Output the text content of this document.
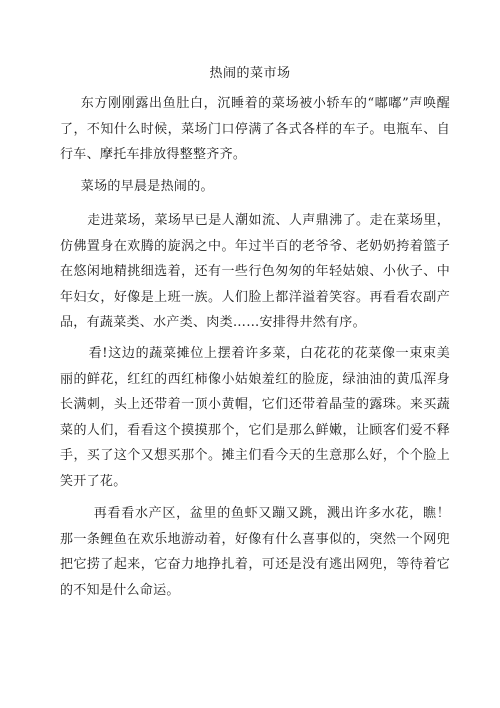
热闹的菜市场

东方刚刚露出鱼肚白，沉睡着的菜场被小轿车的“嘟嘟”声唤醒了，不知什么时候，菜场门口停满了各式各样的车子。电瓶车、自行车、摩托车排放得整整齐齐。

菜场的早晨是热闹的。

走进菜场，菜场早已是人潮如流、人声鼎沸了。走在菜场里，仿佛置身在欢腾的旋涡之中。年过半百的老爷爷、老奶奶挎着篮子在悠闲地精挑细选着，还有一些行色匆匆的年轻姑娘、小伙子、中年妇女，好像是上班一族。人们脸上都洋溢着笑容。再看看农副产品，有蔬菜类、水产类、肉类……安排得井然有序。

看!这边的蔬菜摊位上摆着许多菜，白花花的花菜像一束束美丽的鲜花，红红的西红柿像小姑娘羞红的脸庞，绿油油的黄瓜浑身长满刺，头上还带着一顶小黄帽，它们还带着晶莹的露珠。来买蔬菜的人们，看看这个摸摸那个，它们是那么鲜嫩，让顾客们爱不释手，买了这个又想买那个。摊主们看今天的生意那么好，个个脸上笑开了花。

再看看水产区，盆里的鱼虾又蹦又跳，溅出许多水花，瞧！那一条鲤鱼在欢乐地游动着，好像有什么喜事似的，突然一个网兜把它捞了起来，它奋力地挣扎着，可还是没有逃出网兜，等待着它的不知是什么命运。
